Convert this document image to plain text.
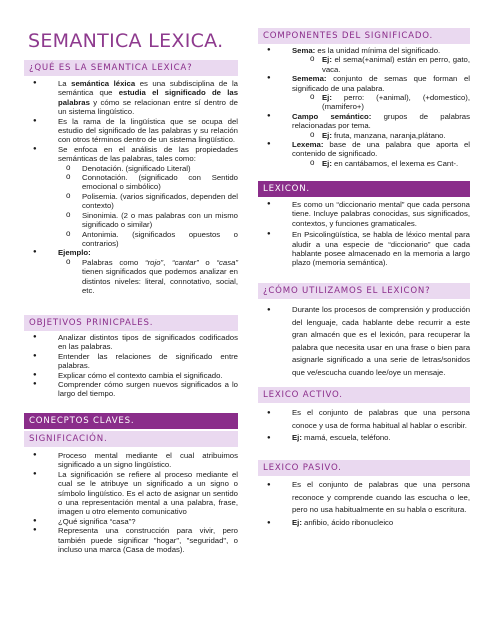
SEMANTICA LEXICA.
¿QUÉ ES LA SEMANTICA LEXICA?
● La semántica léxica es una subdisciplina de la semántica que estudia el significado de las palabras y cómo se relacionan entre sí dentro de un sistema lingüístico.
● Es la rama de la lingüística que se ocupa del estudio del significado de las palabras y su relación con otros términos dentro de un sistema lingüístico.
● Se enfoca en el análisis de las propiedades semánticas de las palabras, tales como:
o Denotación. (significado Literal)
o Connotación. (significado con Sentido emocional o simbólico)
o Polisemia. (varios significados, dependen del contexto)
o Sinonimia. (2 o mas palabras con un mismo significado o similar)
o Antonimia. (significados opuestos o contrarios)
● Ejemplo:
o Palabras como “rojo”, “cantar” o “casa” tienen significados que podemos analizar en distintos niveles: literal, connotativo, social, etc.
OBJETIVOS PRINICPALES.
● Analizar distintos tipos de significados codificados en las palabras.
● Entender las relaciones de significado entre palabras.
● Explicar cómo el contexto cambia el significado.
● Comprender cómo surgen nuevos significados a lo largo del tiempo.
CONECPTOS CLAVES.
SIGNIFICACIÓN.
● Proceso mental mediante el cual atribuimos significado a un signo lingüístico.
● La significación se refiere al proceso mediante el cual se le atribuye un significado a un signo o símbolo lingüístico. Es el acto de asignar un sentido o una representación mental a una palabra, frase, imagen u otro elemento comunicativo
● ¿Qué significa “casa”?
● Representa una construcción para vivir, pero también puede significar "hogar", "seguridad", o incluso una marca (Casa de modas).
COMPONENTES DEL SIGNIFICADO.
● Sema: es la unidad mínima del significado.
o Ej: el sema(+animal) están en perro, gato, vaca.
● Semema: conjunto de semas que forman el significado de una palabra.
o Ej: perro: (+animal), (+domestico), (mamifero+)
● Campo semántico: grupos de palabras relacionadas por tema.
o Ej: fruta, manzana, naranja,plátano.
● Lexema: base de una palabra que aporta el contenido de significado.
o Ej: en cantábamos, el lexema es Cant-.
LEXICON.
● Es como un “diccionario mental” que cada persona tiene. Incluye palabras conocidas, sus significados, contextos, y funciones gramaticales.
● En Psicolingüística, se habla de léxico mental para aludir a una especie de “diccionario” que cada hablante posee almacenado en la memoria a largo plazo (memoria semántica).
¿CÓMO UTILIZAMOS EL LEXICON?
● Durante los procesos de comprensión y producción del lenguaje, cada hablante debe recurrir a este gran almacén que es el lexicón, para recuperar la palabra que necesita usar en una frase o bien para asignarle significado a una serie de letras/sonidos que ve/escucha cuando lee/oye un mensaje.
LEXICO ACTIVO.
● Es el conjunto de palabras que una persona conoce y usa de forma habitual al hablar o escribir.
● Ej: mamá, escuela, teléfono.
LEXICO PASIVO.
● Es el conjunto de palabras que una persona reconoce y comprende cuando las escucha o lee, pero no usa habitualmente en su habla o escritura.
● Ej: anfibio, ácido ribonucleico
